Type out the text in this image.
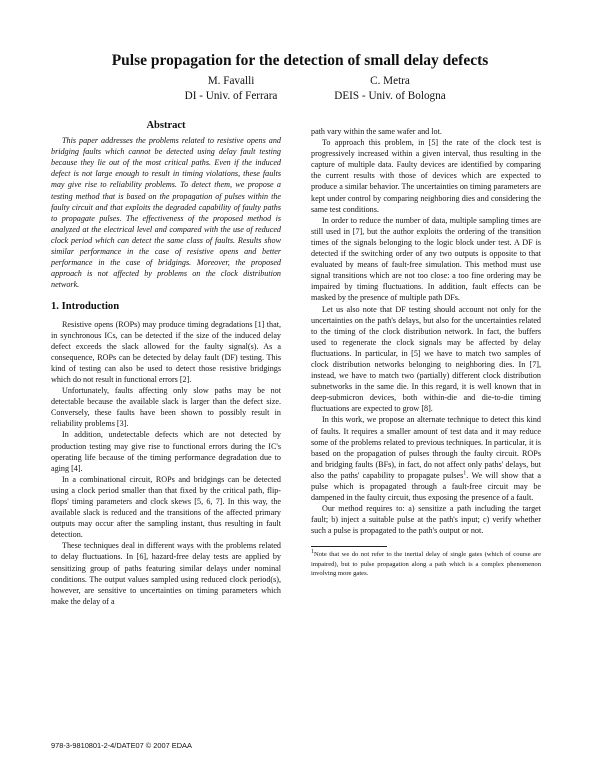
Pulse propagation for the detection of small delay defects
M. Favalli
DI - Univ. of Ferrara
C. Metra
DEIS - Univ. of Bologna
Abstract

This paper addresses the problems related to resistive opens and bridging faults which cannot be detected using delay fault testing because they lie out of the most critical paths. Even if the induced defect is not large enough to result in timing violations, these faults may give rise to reliability problems. To detect them, we propose a testing method that is based on the propagation of pulses within the faulty circuit and that exploits the degraded capability of faulty paths to propagate pulses. The effectiveness of the proposed method is analyzed at the electrical level and compared with the use of reduced clock period which can detect the same class of faults. Results show similar performance in the case of resistive opens and better performance in the case of bridgings. Moreover, the proposed approach is not affected by problems on the clock distribution network.

1. Introduction

Resistive opens (ROPs) may produce timing degradations [1] that, in synchronous ICs, can be detected if the size of the induced delay defect exceeds the slack allowed for the faulty signal(s). As a consequence, ROPs can be detected by delay fault (DF) testing. This kind of testing can also be used to detect those resistive bridgings which do not result in functional errors [2].

Unfortunately, faults affecting only slow paths may be not detectable because the available slack is larger than the defect size. Conversely, these faults have been shown to possibly result in reliability problems [3].

In addition, undetectable defects which are not detected by production testing may give rise to functional errors during the IC's operating life because of the timing performance degradation due to aging [4].

In a combinational circuit, ROPs and bridgings can be detected using a clock period smaller than that fixed by the critical path, flip-flops' timing parameters and clock skews [5, 6, 7]. In this way, the available slack is reduced and the transitions of the affected primary outputs may occur after the sampling instant, thus resulting in fault detection.

These techniques deal in different ways with the problems related to delay fluctuations. In [6], hazard-free delay tests are applied by sensitizing group of paths featuring similar delays under nominal conditions. The output values sampled using reduced clock period(s), however, are sensitive to uncertainties on timing parameters which make the delay of a

path vary within the same wafer and lot.

To approach this problem, in [5] the rate of the clock test is progressively increased within a given interval, thus resulting in the capture of multiple data. Faulty devices are identified by comparing the current results with those of devices which are expected to produce a similar behavior. The uncertainties on timing parameters are kept under control by comparing neighboring dies and considering the same test conditions.

In order to reduce the number of data, multiple sampling times are still used in [7], but the author exploits the ordering of the transition times of the signals belonging to the logic block under test. A DF is detected if the switching order of any two outputs is opposite to that evaluated by means of fault-free simulation. This method must use signal transitions which are not too close: a too fine ordering may be impaired by timing fluctuations. In addition, fault effects can be masked by the presence of multiple path DFs.

Let us also note that DF testing should account not only for the uncertainties on the path's delays, but also for the uncertainties related to the timing of the clock distribution network. In fact, the buffers used to regenerate the clock signals may be affected by delay fluctuations. In particular, in [5] we have to match two samples of clock distribution networks belonging to neighboring dies. In [7], instead, we have to match two (partially) different clock distribution subnetworks in the same die. In this regard, it is well known that in deep-submicron devices, both within-die and die-to-die timing fluctuations are expected to grow [8].

In this work, we propose an alternate technique to detect this kind of faults. It requires a smaller amount of test data and it may reduce some of the problems related to previous techniques. In particular, it is based on the propagation of pulses through the faulty circuit. ROPs and bridging faults (BFs), in fact, do not affect only paths' delays, but also the paths' capability to propagate pulses$^1$. We will show that a pulse which is propagated through a fault-free circuit may be dampened in the faulty circuit, thus exposing the presence of a fault.

Our method requires to: a) sensitize a path including the target fault; b) inject a suitable pulse at the path's input; c) verify whether such a pulse is propagated to the path's output or not.

$^1$Note that we do not refer to the inertial delay of single gates (which of course are impaired), but to pulse propagation along a path which is a complex phenomenon involving more gates.

978-3-9810801-2-4/DATE07 © 2007 EDAA
